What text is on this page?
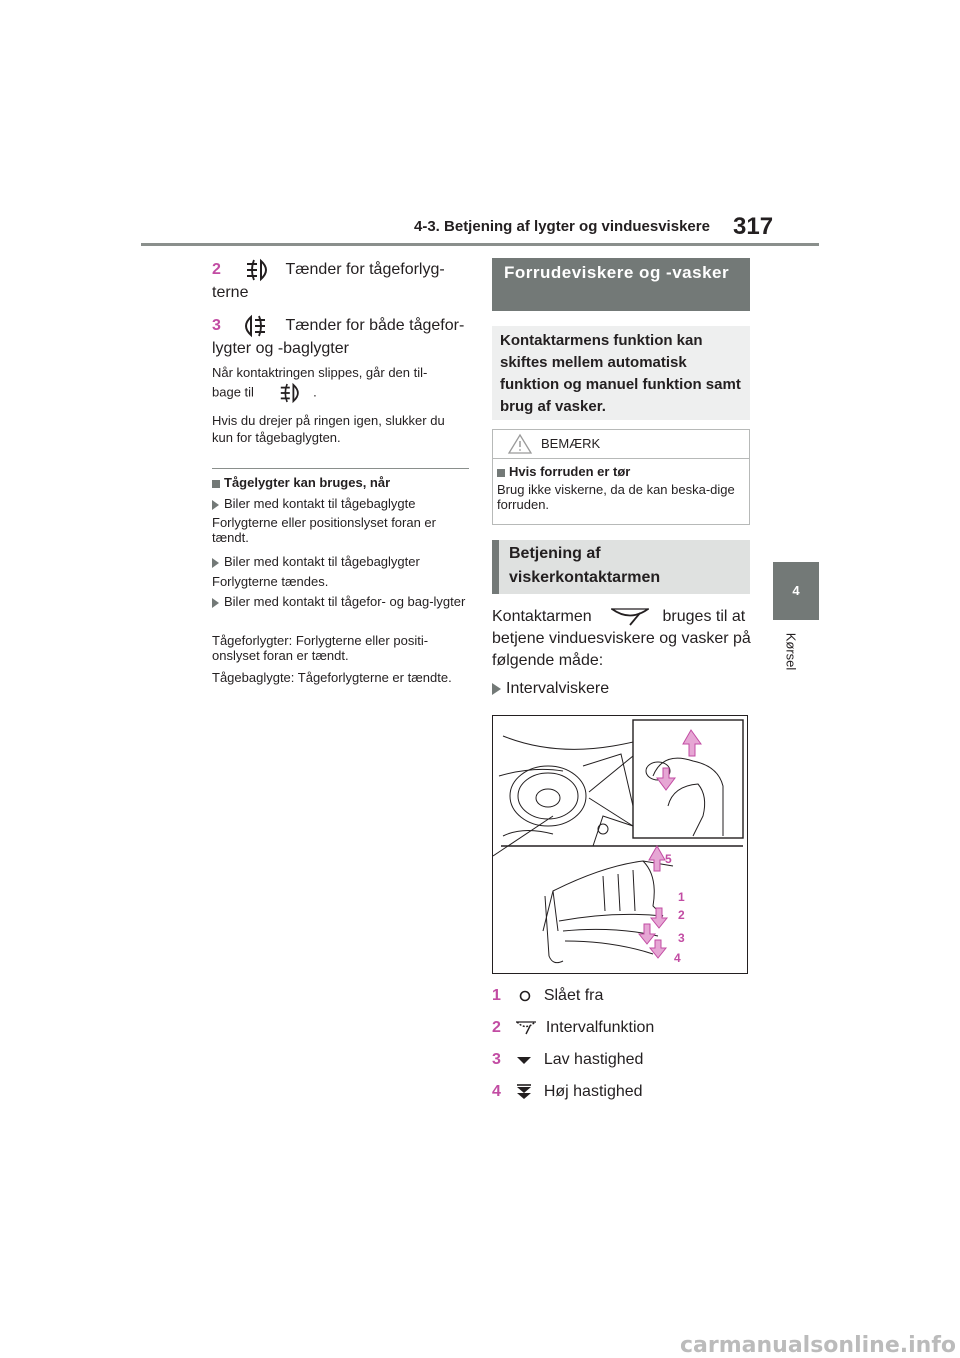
4-3. Betjening af lygter og vinduesviskere 317
4
Kørsel
2	Tænder for tågeforlyg-terne
3	Tænder for både tågefor-lygter og -baglygter
Når kontaktringen slippes, går den til-
bage til	.
Hvis du drejer på ringen igen, slukker du kun for tågebaglygten.
Tågelygter kan bruges, når
Biler med kontakt til tågebaglygte
Forlygterne eller positionslyset foran er tændt.
Biler med kontakt til tågebaglygter
Forlygterne tændes.
Biler med kontakt til tågefor- og bag-lygter
Tågeforlygter: Forlygterne eller positi-onslyset foran er tændt.
Tågebaglygte: Tågeforlygterne er tændte.
Forrudeviskere og -vasker
Kontaktarmens funktion kan skiftes mellem automatisk funktion og manuel funktion samt brug af vasker.
BEMÆRK
Hvis forruden er tør
Brug ikke viskerne, da de kan beska-dige forruden.
Betjening af viskerkontaktarmen
Kontaktarmen	bruges til at betjene vinduesviskere og vasker på følgende måde:
Intervalviskere
5
1
2
3
4
1	Slået fra
2	Intervalfunktion
3	Lav hastighed
4	Høj hastighed
carmanualsonline.info
